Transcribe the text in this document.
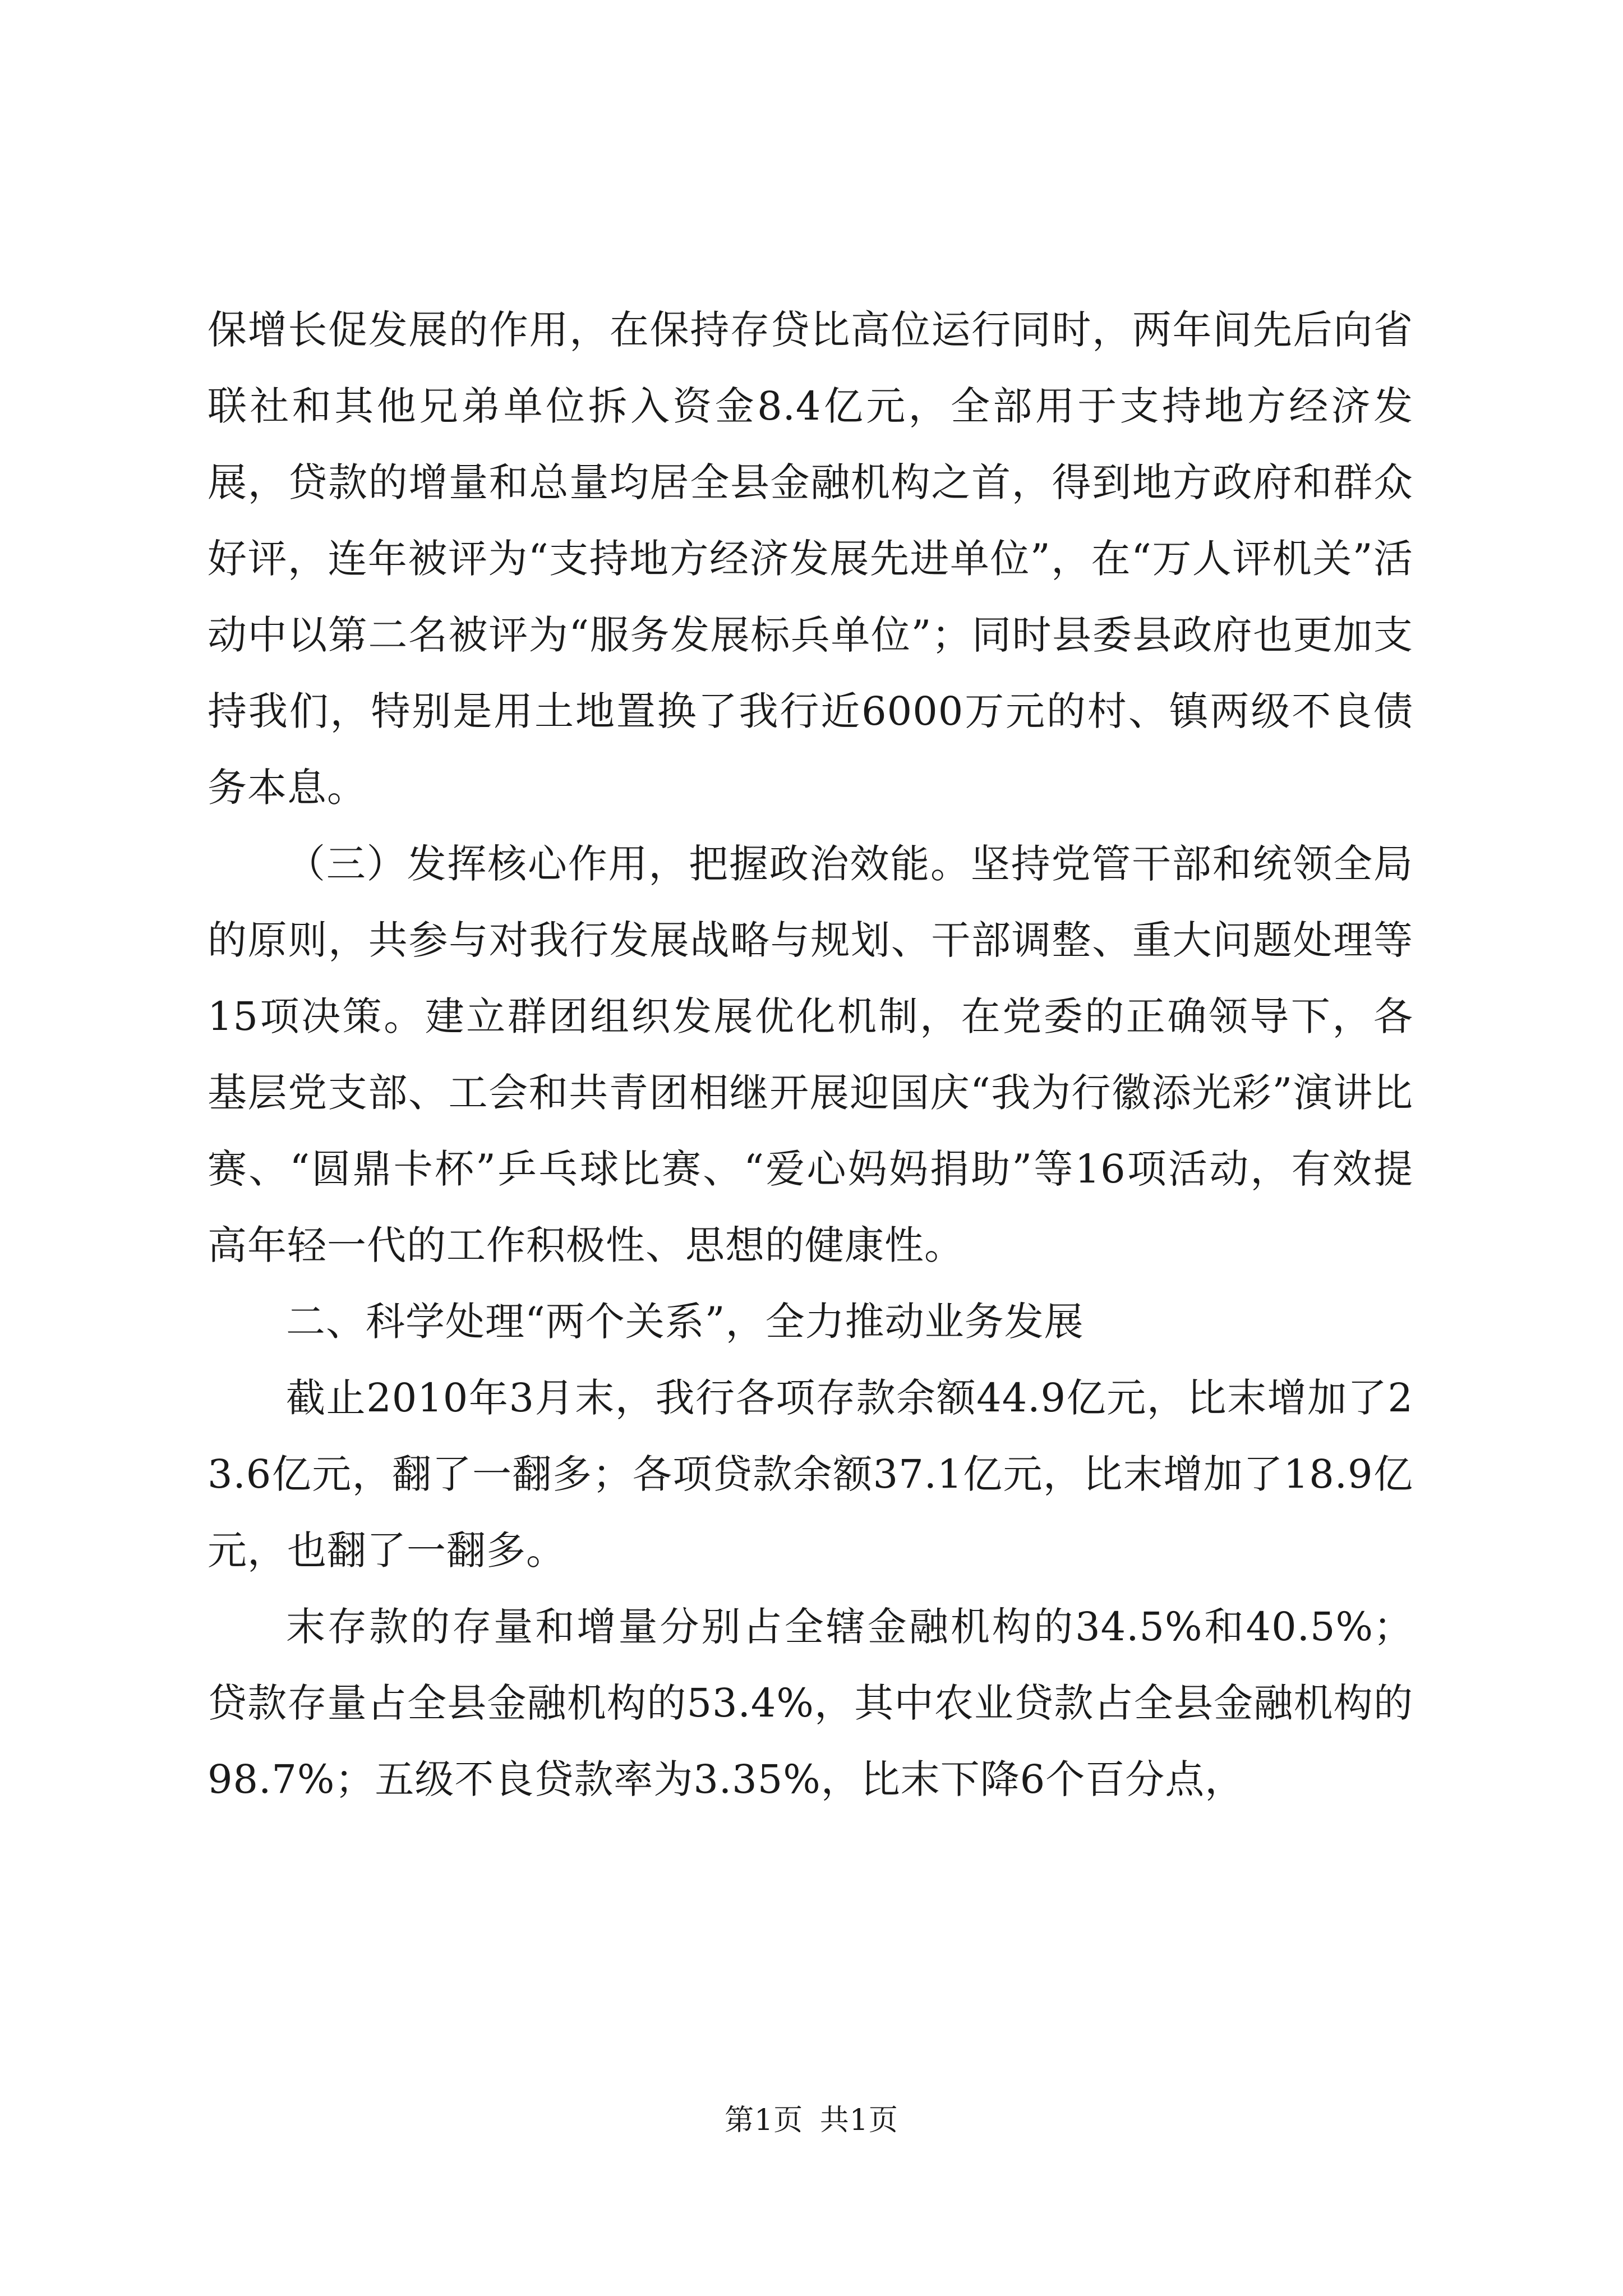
保增长促发展的作用，在保持存贷比高位运行同时，两年间先后向省联社和其他兄弟单位拆入资金8.4亿元，全部用于支持地方经济发展，贷款的增量和总量均居全县金融机构之首，得到地方政府和群众好评，连年被评为“支持地方经济发展先进单位”，在“万人评机关”活动中以第二名被评为“服务发展标兵单位”；同时县委县政府也更加支持我们，特别是用土地置换了我行近6000万元的村、镇两级不良债务本息。

（三）发挥核心作用，把握政治效能。坚持党管干部和统领全局的原则，共参与对我行发展战略与规划、干部调整、重大问题处理等15项决策。建立群团组织发展优化机制，在党委的正确领导下，各基层党支部、工会和共青团相继开展迎国庆“我为行徽添光彩”演讲比赛、“圆鼎卡杯”乒乓球比赛、“爱心妈妈捐助”等16项活动，有效提高年轻一代的工作积极性、思想的健康性。

二、科学处理“两个关系”，全力推动业务发展

截止2010年3月末，我行各项存款余额44.9亿元，比末增加了23.6亿元，翻了一翻多；各项贷款余额37.1亿元，比末增加了18.9亿元，也翻了一翻多。

末存款的存量和增量分别占全辖金融机构的34.5%和40.5%；贷款存量占全县金融机构的53.4%，其中农业贷款占全县金融机构的98.7%；五级不良贷款率为3.35%，比末下降6个百分点，

第1页 共1页
